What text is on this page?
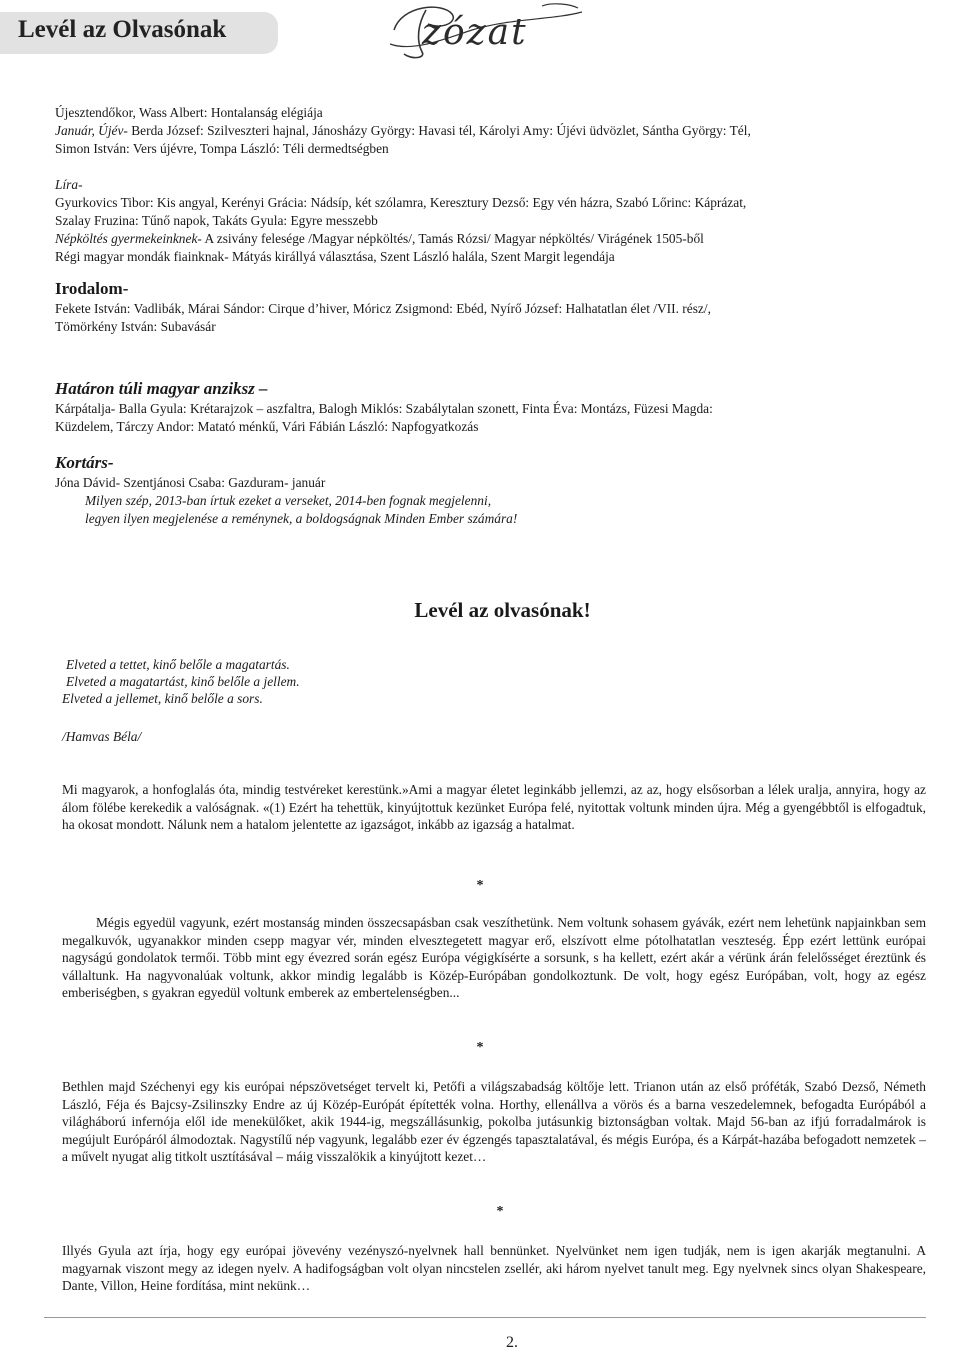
Levél az Olvasónak	zózat

Újesztendőkor, Wass Albert: Hontalanság elégiája

Január, Újév- Berda József: Szilveszteri hajnal, Jánosházy György: Havasi tél, Károlyi Amy: Újévi üdvözlet, Sántha György: Tél,

Simon István: Vers újévre, Tompa László: Téli dermedtségben

Líra-

Gyurkovics Tibor: Kis angyal, Kerényi Grácia: Nádsíp, két szólamra, Keresztury Dezső: Egy vén házra, Szabó Lőrinc: Káprázat,

Szalay Fruzina: Tűnő napok, Takáts Gyula: Egyre messzebb

Népköltés gyermekeinknek- A zsivány felesége /Magyar népköltés/, Tamás Rózsi/ Magyar népköltés/ Virágének 1505-ből

Régi magyar mondák fiainknak- Mátyás királlyá választása, Szent László halála, Szent Margit legendája

Irodalom-

Fekete István: Vadlibák, Márai Sándor: Cirque d’hiver, Móricz Zsigmond: Ebéd, Nyírő József: Halhatatlan élet /VII. rész/,

Tömörkény István: Subavásár

Határon túli magyar anziksz –

Kárpátalja- Balla Gyula: Krétarajzok – aszfaltra, Balogh Miklós: Szabálytalan szonett, Finta Éva: Montázs, Füzesi Magda:

Küzdelem, Tárczy Andor: Matató ménkű, Vári Fábián László: Napfogyatkozás

Kortárs-

Jóna Dávid- Szentjánosi Csaba: Gazduram- január

Milyen szép, 2013-ban írtuk ezeket a verseket, 2014-ben fognak megjelenni,

legyen ilyen megjelenése a reménynek, a boldogságnak Minden Ember számára!

Levél az olvasónak!

Elveted a tettet, kinő belőle a magatartás.

Elveted a magatartást, kinő belőle a jellem.

Elveted a jellemet, kinő belőle a sors.

/Hamvas Béla/

Mi magyarok, a honfoglalás óta, mindig testvéreket kerestünk.»Ami a magyar életet leginkább jellemzi, az az, hogy elsősorban a lélek uralja, annyira, hogy az álom fölébe kerekedik a valóságnak. «(1) Ezért ha tehettük, kinyújtottuk kezünket Európa felé, nyitottak voltunk minden újra. Még a gyengébbtől is elfogadtuk, ha okosat mondott. Nálunk nem a hatalom jelentette az igazságot, inkább az igazság a hatalmat.

*

Mégis egyedül vagyunk, ezért mostanság minden összecsapásban csak veszíthetünk. Nem voltunk sohasem gyávák, ezért nem lehetünk napjainkban sem megalkuvók, ugyanakkor minden csepp magyar vér, minden elvesztegetett magyar erő, elszívott elme pótolhatatlan veszteség. Épp ezért lettünk európai nagyságú gondolatok termői. Több mint egy évezred során egész Európa végigkísérte a sorsunk, s ha kellett, ezért akár a vérünk árán felelősséget éreztünk és vállaltunk. Ha nagyvonalúak voltunk, akkor mindig legalább is Közép-Európában gondolkoztunk. De volt, hogy egész Európában, volt, hogy az egész emberiségben, s gyakran egyedül voltunk emberek az embertelenségben...

*

Bethlen majd Széchenyi egy kis európai népszövetséget tervelt ki, Petőfi a világszabadság költője lett. Trianon után az első próféták, Szabó Dezső, Németh László, Féja és Bajcsy-Zsilinszky Endre az új Közép-Európát építették volna. Horthy, ellenállva a vörös és a barna veszedelemnek, befogadta Európából a világháború infernója elől ide menekülőket, akik 1944-ig, megszállásunkig, pokolba jutásunkig biztonságban voltak. Majd 56-ban az ifjú forradalmárok is megújult Európáról álmodoztak. Nagystílű nép vagyunk, legalább ezer év égzengés tapasztalatával, és mégis Európa, és a Kárpát-hazába befogadott nemzetek – a művelt nyugat alig titkolt usztításával – máig visszalökik a kinyújtott kezet…

*

Illyés Gyula azt írja, hogy egy európai jövevény vezényszó-nyelvnek hall bennünket. Nyelvünket nem igen tudják, nem is igen akarják megtanulni. A magyarnak viszont megy az idegen nyelv. A hadifogságban volt olyan nincstelen zsellér, aki három nyelvet tanult meg. Egy nyelvnek sincs olyan Shakespeare, Dante, Villon, Heine fordítása, mint nekünk…

2.
